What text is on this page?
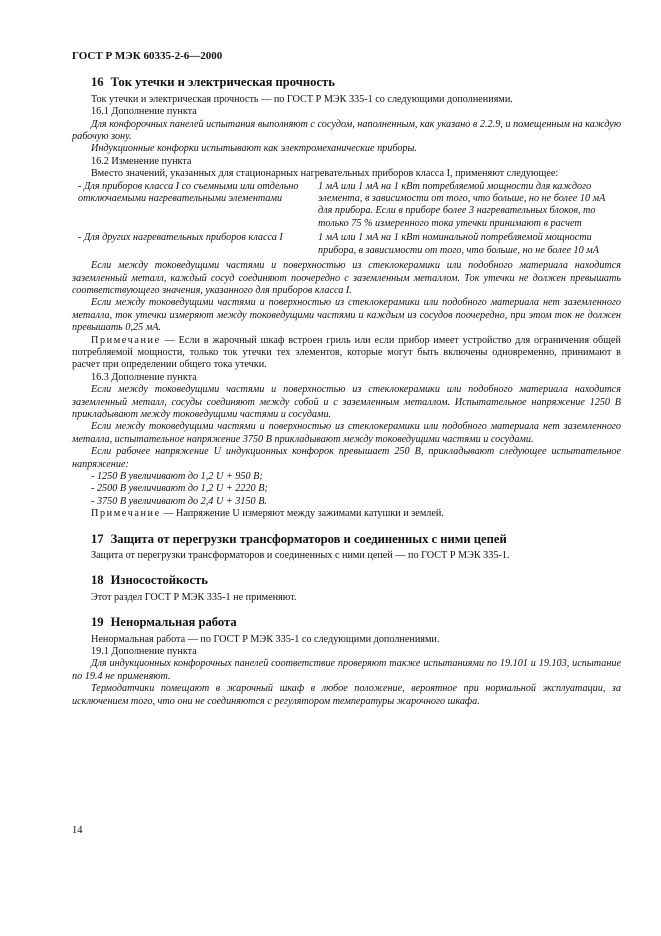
ГОСТ Р МЭК 60335-2-6—2000
16 Ток утечки и электрическая прочность

Ток утечки и электрическая прочность — по ГОСТ Р МЭК 335-1 со следующими дополнениями.

16.1 Дополнение пункта

Для конфорочных панелей испытания выполняют с сосудом, наполненным, как указано в 2.2.9, и помещенным на каждую рабочую зону.

Индукционные конфорки испытывают как электромеханические приборы.

16.2 Изменение пункта

Вместо значений, указанных для стационарных нагревательных приборов класса I, применяют следующее:

- Для приборов класса I со съемными или отдельно отключаемыми нагревательными элементами	1 мА или 1 мА на 1 кВт потребляемой мощности для каждого элемента, в зависимости от того, что больше, но не более 10 мА для прибора. Если в приборе более 3 нагревательных блоков, то только 75 % измеренного тока утечки принимают в расчет
- Для других нагревательных приборов класса I	1 мА или 1 мА на 1 кВт номинальной потребляемой мощности прибора, в зависимости от того, что больше, но не более 10 мА

Если между токоведущими частями и поверхностью из стеклокерамики или подобного материала находится заземленный металл, каждый сосуд соединяют поочередно с заземленным металлом. Ток утечки не должен превышать соответствующего значения, указанного для приборов класса I.

Если между токоведущими частями и поверхностью из стеклокерамики или подобного материала нет заземленного металла, ток утечки измеряют между токоведущими частями и каждым из сосудов поочередно, при этом ток не должен превышать 0,25 мА.

Примечание — Если в жарочный шкаф встроен гриль или если прибор имеет устройство для ограничения общей потребляемой мощности, только ток утечки тех элементов, которые могут быть включены одновременно, принимают в расчет при определении общего тока утечки.

16.3 Дополнение пункта

Если между токоведущими частями и поверхностью из стеклокерамики или подобного материала находится заземленный металл, сосуды соединяют между собой и с заземленным металлом. Испытательное напряжение 1250 В прикладывают между токоведущими частями и сосудами.

Если между токоведущими частями и поверхностью из стеклокерамики или подобного материала нет заземленного металла, испытательное напряжение 3750 В прикладывают между токоведущими частями и сосудами.

Если рабочее напряжение U индукционных конфорок превышает 250 В, прикладывают следующее испытательное напряжение:

- 1250 В увеличивают до 1,2 U + 950 В;

- 2500 В увеличивают до 1,2 U + 2220 В;

- 3750 В увеличивают до 2,4 U + 3150 В.

Примечание — Напряжение U измеряют между зажимами катушки и землей.

17 Защита от перегрузки трансформаторов и соединенных с ними цепей

Защита от перегрузки трансформаторов и соединенных с ними цепей — по ГОСТ Р МЭК 335-1.

18 Износостойкость

Этот раздел ГОСТ Р МЭК 335-1 не применяют.

19 Ненормальная работа

Ненормальная работа — по ГОСТ Р МЭК 335-1 со следующими дополнениями.

19.1 Дополнение пункта

Для индукционных конфорочных панелей соответствие проверяют также испытаниями по 19.101 и 19.103, испытание по 19.4 не применяют.

Термодатчики помещают в жарочный шкаф в любое положение, вероятное при нормальной эксплуатации, за исключением того, что они не соединяются с регулятором температуры жарочного шкафа.

14
